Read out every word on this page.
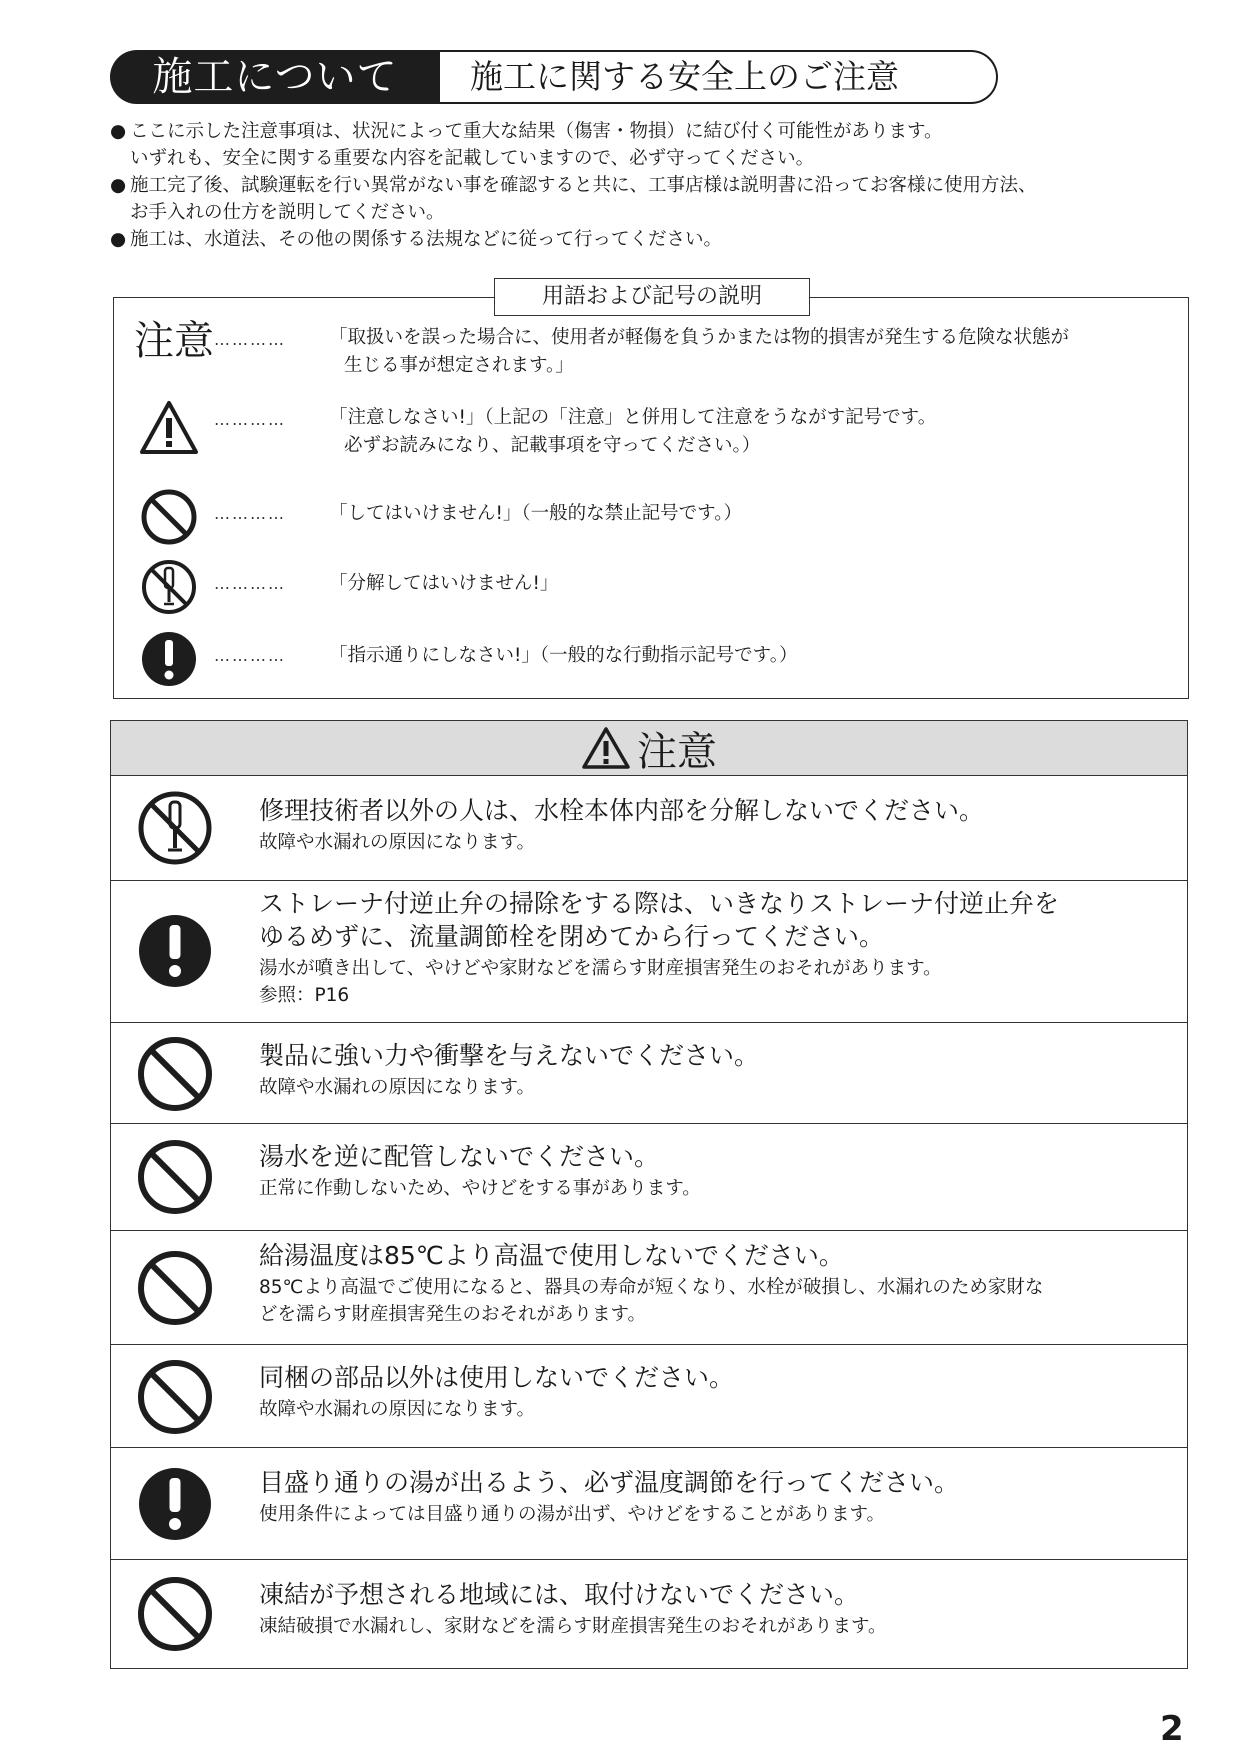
施工について	施工に関する安全上のご注意
● ここに示した注意事項は、状況によって重大な結果（傷害・物損）に結び付く可能性があります。

いずれも、安全に関する重要な内容を記載していますので、必ず守ってください。

● 施工完了後、試験運転を行い異常がない事を確認すると共に、工事店様は説明書に沿ってお客様に使用方法、

お手入れの仕方を説明してください。

● 施工は、水道法、その他の関係する法規などに従って行ってください。

用語および記号の説明
注意 ………… 「取扱いを誤った場合に、使用者が軽傷を負うかまたは物的損害が発生する危険な状態が

生じる事が想定されます。」

………… 「注意しなさい!」（上記の「注意」と併用して注意をうながす記号です。

必ずお読みになり、記載事項を守ってください。）

………… 「してはいけません!」（一般的な禁止記号です。）

………… 「分解してはいけません!」

………… 「指示通りにしなさい!」（一般的な行動指示記号です。）

注意

修理技術者以外の人は、水栓本体内部を分解しないでください。

故障や水漏れの原因になります。

ストレーナ付逆止弁の掃除をする際は、いきなりストレーナ付逆止弁を

ゆるめずに、流量調節栓を閉めてから行ってください。

湯水が噴き出して、やけどや家財などを濡らす財産損害発生のおそれがあります。

参照：P16

製品に強い力や衝撃を与えないでください。

故障や水漏れの原因になります。

湯水を逆に配管しないでください。

正常に作動しないため、やけどをする事があります。

給湯温度は85℃より高温で使用しないでください。

85℃より高温でご使用になると、器具の寿命が短くなり、水栓が破損し、水漏れのため家財な

どを濡らす財産損害発生のおそれがあります。

同梱の部品以外は使用しないでください。

故障や水漏れの原因になります。

目盛り通りの湯が出るよう、必ず温度調節を行ってください。

使用条件によっては目盛り通りの湯が出ず、やけどをすることがあります。

凍結が予想される地域には、取付けないでください。

凍結破損で水漏れし、家財などを濡らす財産損害発生のおそれがあります。

2
